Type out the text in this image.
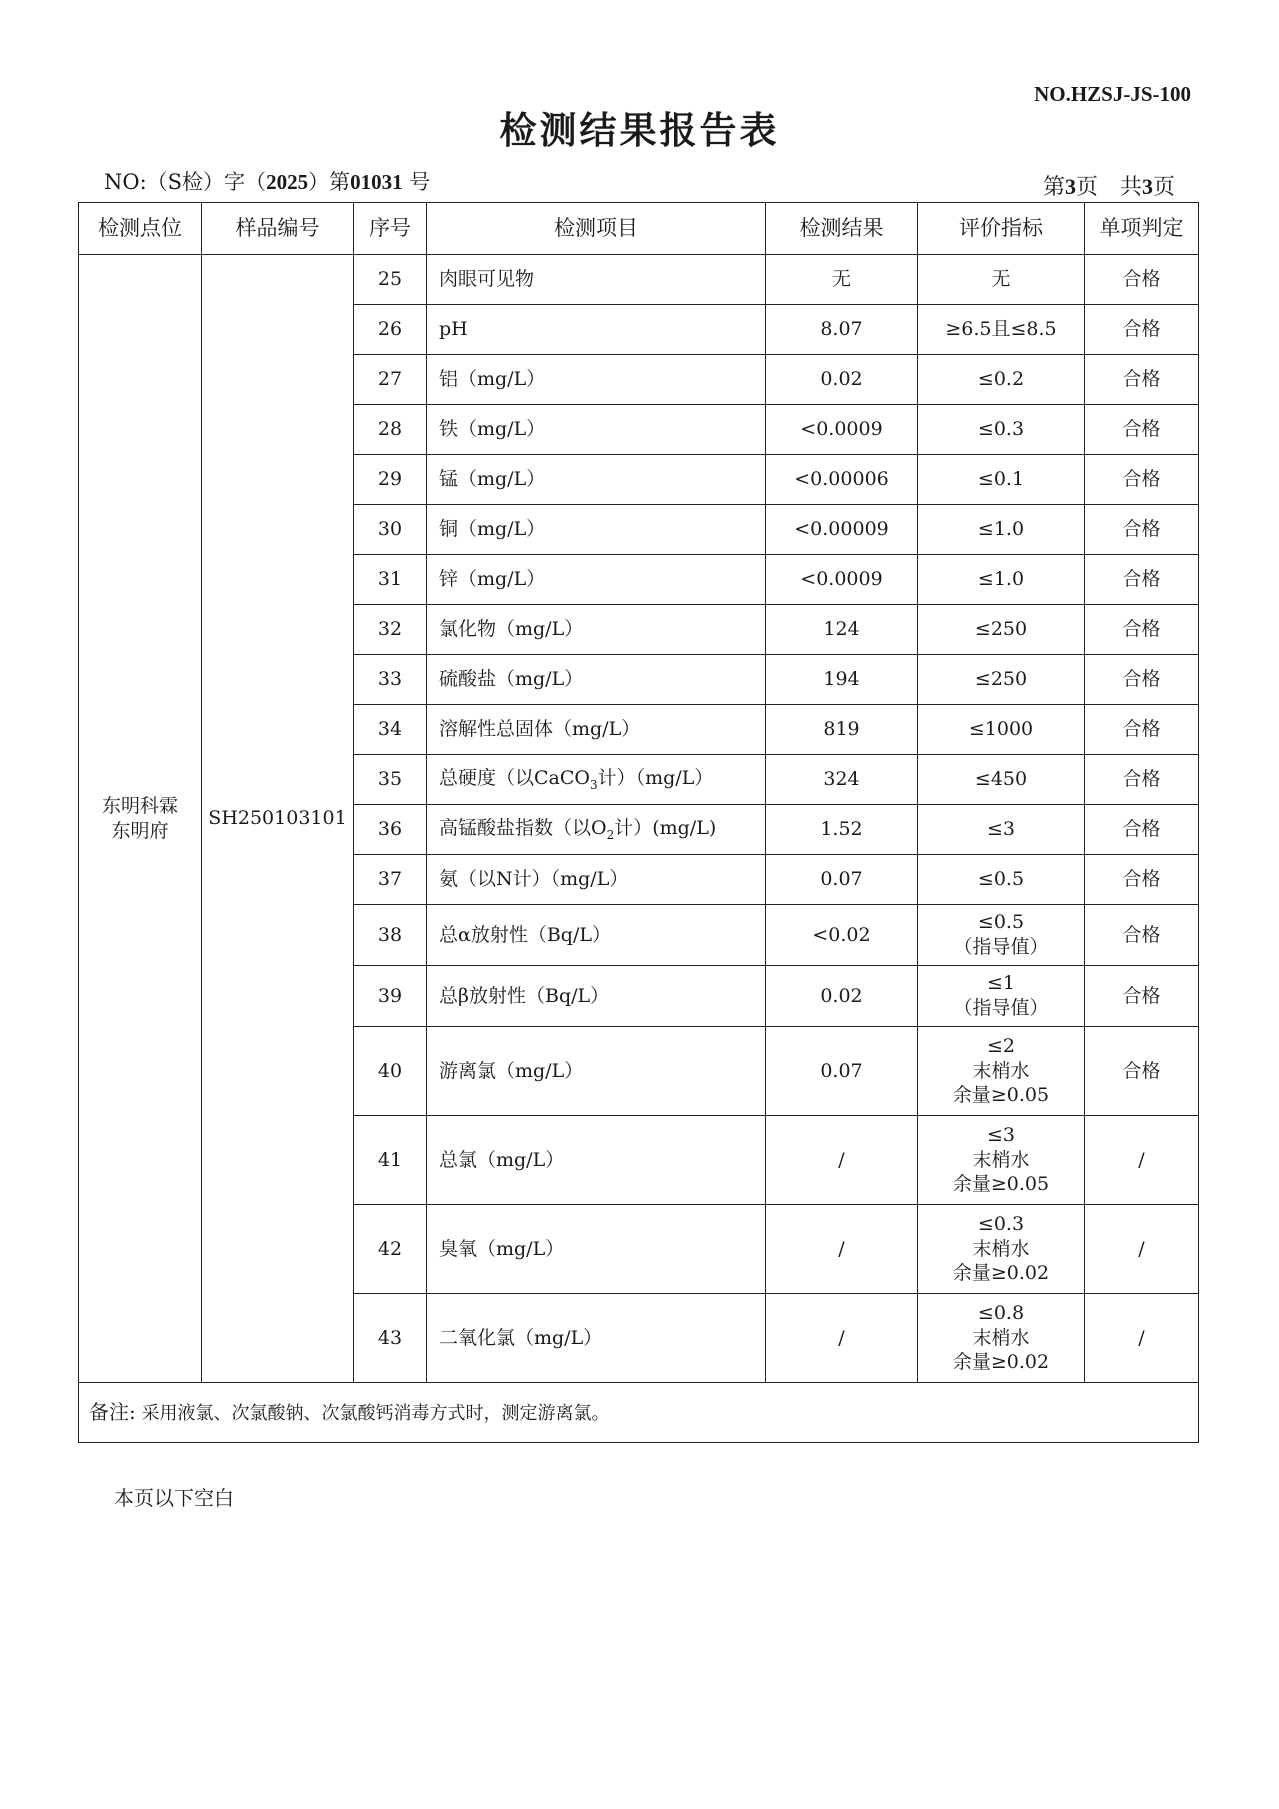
NO.HZSJ-JS-100
检测结果报告表
NO:（S检）字（2025）第01031 号	第3页　共3页
检测点位	样品编号	序号	检测项目	检测结果	评价指标	单项判定

东明科霖
东明府	SH250103101	25	肉眼可见物	无	无	合格
		26	pH	8.07	≥6.5且≤8.5	合格
		27	铝（mg/L）	0.02	≤0.2	合格
		28	铁（mg/L）	<0.0009	≤0.3	合格
		29	锰（mg/L）	<0.00006	≤0.1	合格
		30	铜（mg/L）	<0.00009	≤1.0	合格
		31	锌（mg/L）	<0.0009	≤1.0	合格
		32	氯化物（mg/L）	124	≤250	合格
		33	硫酸盐（mg/L）	194	≤250	合格
		34	溶解性总固体（mg/L）	819	≤1000	合格
		35	总硬度（以CaCO$_3$计）（mg/L）	324	≤450	合格
		36	高锰酸盐指数（以$O_2$计）(mg/L)	1.52	≤3	合格
		37	氨（以N计）（mg/L）	0.07	≤0.5	合格
		38	总α放射性（Bq/L）	<0.02	≤0.5
（指导值）	合格
		39	总β放射性（Bq/L）	0.02	≤1
（指导值）	合格
		40	游离氯（mg/L）	0.07	≤2
末梢水
余量≥0.05	合格
		41	总氯（mg/L）	/	≤3
末梢水
余量≥0.05	/
		42	臭氧（mg/L）	/	≤0.3
末梢水
余量≥0.02	/
		43	二氧化氯（mg/L）	/	≤0.8
末梢水
余量≥0.02	/
备注: 采用液氯、次氯酸钠、次氯酸钙消毒方式时，测定游离氯。						
本页以下空白
